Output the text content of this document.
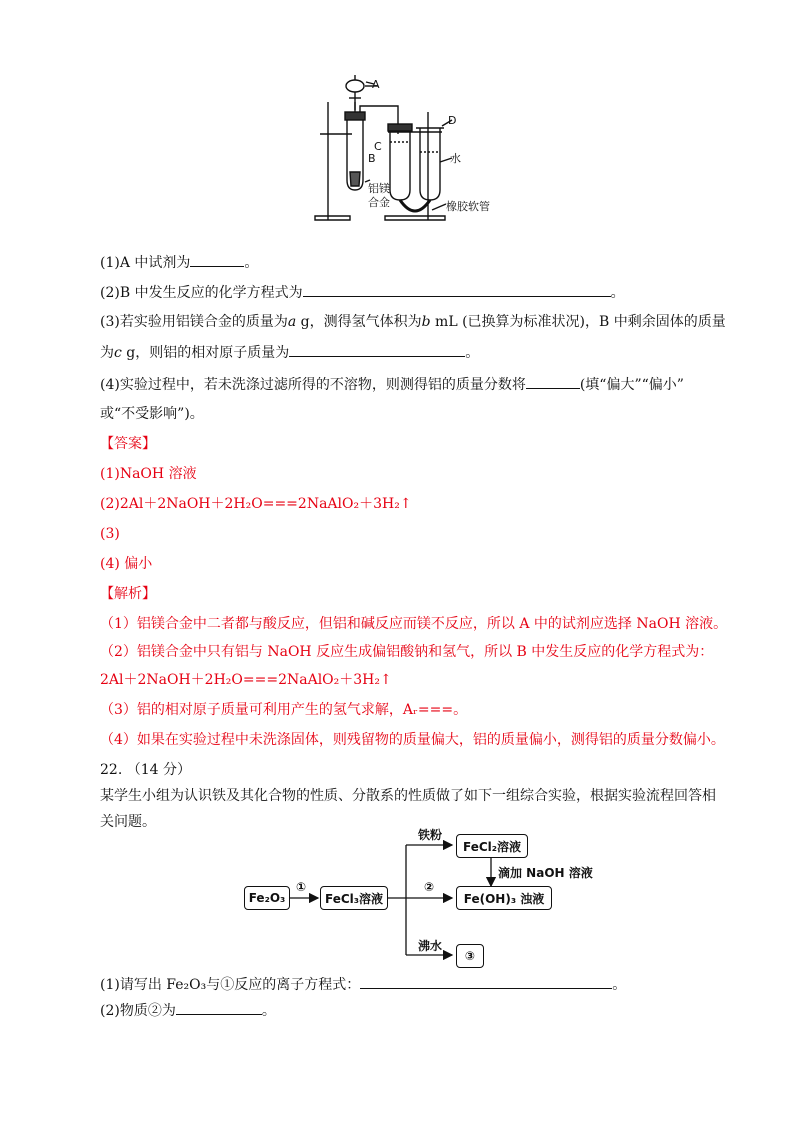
A
B
C
D
水
铝镁
合金	橡胶软管
(1)A 中试剂为	。
(2)B 中发生反应的化学方程式为	。
(3)若实验用铝镁合金的质量为a g，测得氢气体积为b mL (已换算为标准状况)，B 中剩余固体的质量
为c g，则铝的相对原子质量为	。
(4)实验过程中，若未洗涤过滤所得的不溶物，则测得铝的质量分数将	(填“偏大”“偏小”
或“不受影响”)。
【答案】
(1)NaOH 溶液
(2)2Al＋2NaOH＋2H₂O===2NaAlO₂＋3H₂↑
(3)
(4) 偏小
【解析】
（1）铝镁合金中二者都与酸反应，但铝和碱反应而镁不反应，所以 A 中的试剂应选择 NaOH 溶液。
（2）铝镁合金中只有铝与 NaOH 反应生成偏铝酸钠和氢气，所以 B 中发生反应的化学方程式为：
2Al＋2NaOH＋2H₂O===2NaAlO₂＋3H₂↑
（3）铝的相对原子质量可利用产生的氢气求解，Aᵣ===。
（4）如果在实验过程中未洗涤固体，则残留物的质量偏大，铝的质量偏小，测得铝的质量分数偏小。
22. （14 分）
某学生小组为认识铁及其化合物的性质、分散系的性质做了如下一组综合实验，根据实验流程回答相
关问题。
Fe₂O₃	FeCl₃溶液
FeCl₂溶液
Fe(OH)₃ 浊液
③
①	②
铁粉
滴加 NaOH 溶液
沸水
(1)请写出 Fe₂O₃与①反应的离子方程式：	。
(2)物质②为	。
